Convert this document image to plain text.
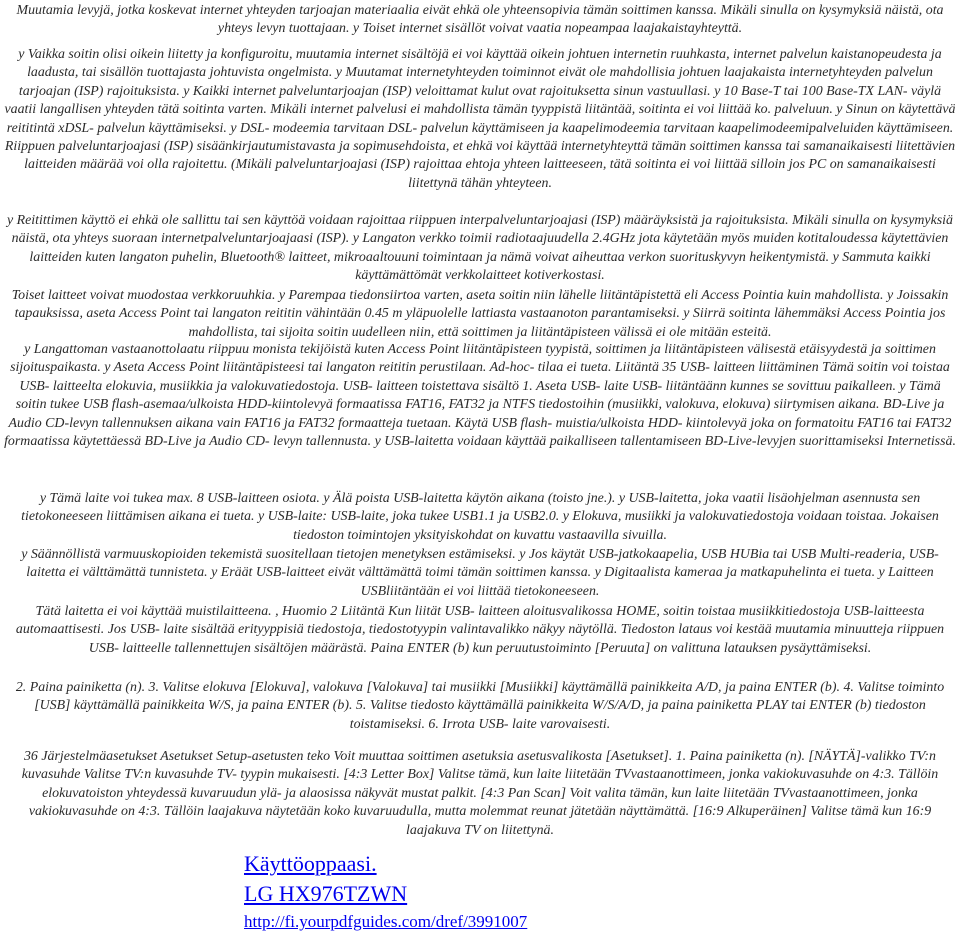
Muutamia levyjä, jotka koskevat internet yhteyden tarjoajan materiaalia eivät ehkä ole yhteensopivia tämän soittimen kanssa. Mikäli sinulla on kysymyksiä näistä, ota yhteys levyn tuottajaan. y Toiset internet sisällöt voivat vaatia nopeampaa laajakaistayhteyttä.

y Vaikka soitin olisi oikein liitetty ja konfiguroitu, muutamia internet sisältöjä ei voi käyttää oikein johtuen internetin ruuhkasta, internet palvelun kaistanopeudesta ja laadusta, tai sisällön tuottajasta johtuvista ongelmista. y Muutamat internetyhteyden toiminnot eivät ole mahdollisia johtuen laajakaista internetyhteyden palvelun tarjoajan (ISP) rajoituksista. y Kaikki internet palveluntarjoajan (ISP) veloittamat kulut ovat rajoituksetta sinun vastuullasi. y 10 Base-T tai 100 Base-TX LAN- väylä vaatii langallisen yhteyden tätä soitinta varten. Mikäli internet palvelusi ei mahdollista tämän tyyppistä liitäntää, soitinta ei voi liittää ko. palveluun. y Sinun on käytettävä reititintä xDSL- palvelun käyttämiseksi. y DSL- modeemia tarvitaan DSL- palvelun käyttämiseen ja kaapelimodeemia tarvitaan kaapelimodeemipalveluiden käyttämiseen. Riippuen palveluntarjoajasi (ISP) sisäänkirjautumistavasta ja sopimusehdoista, et ehkä voi käyttää internetyhteyttä tämän soittimen kanssa tai samanaikaisesti liitettävien laitteiden määrää voi olla rajoitettu. (Mikäli palveluntarjoajasi (ISP) rajoittaa ehtoja yhteen laitteeseen, tätä soitinta ei voi liittää silloin jos PC on samanaikaisesti liitettynä tähän yhteyteen.

y Reitittimen käyttö ei ehkä ole sallittu tai sen käyttöä voidaan rajoittaa riippuen interpalveluntarjoajasi (ISP) määräyksistä ja rajoituksista. Mikäli sinulla on kysymyksiä näistä, ota yhteys suoraan internetpalveluntarjoajaasi (ISP). y Langaton verkko toimii radiotaajuudella 2.4GHz jota käytetään myös muiden kotitaloudessa käytettävien laitteiden kuten langaton puhelin, Bluetooth® laitteet, mikroaaltouuni toimintaan ja nämä voivat aiheuttaa verkon suorituskyvyn heikentymistä. y Sammuta kaikki käyttämättömät verkkolaitteet kotiverkostasi.

Toiset laitteet voivat muodostaa verkkoruuhkia. y Parempaa tiedonsiirtoa varten, aseta soitin niin lähelle liitäntäpistettä eli Access Pointia kuin mahdollista. y Joissakin tapauksissa, aseta Access Point tai langaton reititin vähintään 0.45 m yläpuolelle lattiasta vastaanoton parantamiseksi. y Siirrä soitinta lähemmäksi Access Pointia jos mahdollista, tai sijoita soitin uudelleen niin, että soittimen ja liitäntäpisteen välissä ei ole mitään esteitä.

y Langattoman vastaanottolaatu riippuu monista tekijöistä kuten Access Point liitäntäpisteen tyypistä, soittimen ja liitäntäpisteen välisestä etäisyydestä ja soittimen sijoituspaikasta. y Aseta Access Point liitäntäpisteesi tai langaton reititin perustilaan. Ad-hoc- tilaa ei tueta. Liitäntä 35 USB- laitteen liittäminen Tämä soitin voi toistaa USB- laitteelta elokuvia, musiikkia ja valokuvatiedostoja. USB- laitteen toistettava sisältö 1. Aseta USB- laite USB- liitäntäänn kunnes se sovittuu paikalleen. y Tämä soitin tukee USB flash-asemaa/ulkoista HDD-kiintolevyä formaatissa FAT16, FAT32 ja NTFS tiedostoihin (musiikki, valokuva, elokuva) siirtymisen aikana. BD-Live ja Audio CD-levyn tallennuksen aikana vain FAT16 ja FAT32 formaatteja tuetaan. Käytä USB flash- muistia/ulkoista HDD- kiintolevyä joka on formatoitu FAT16 tai FAT32 formaatissa käytettäessä BD-Live ja Audio CD- levyn tallennusta. y USB-laitetta voidaan käyttää paikalliseen tallentamiseen BD-Live-levyjen suorittamiseksi Internetissä.

y Tämä laite voi tukea max. 8 USB-laitteen osiota. y Älä poista USB-laitetta käytön aikana (toisto jne.). y USB-laitetta, joka vaatii lisäohjelman asennusta sen tietokoneeseen liittämisen aikana ei tueta. y USB-laite: USB-laite, joka tukee USB1.1 ja USB2.0. y Elokuva, musiikki ja valokuvatiedostoja voidaan toistaa. Jokaisen tiedoston toimintojen yksityiskohdat on kuvattu vastaavilla sivuilla.

y Säännöllistä varmuuskopioiden tekemistä suositellaan tietojen menetyksen estämiseksi. y Jos käytät USB-jatkokaapelia, USB HUBia tai USB Multi-readeria, USB-laitetta ei välttämättä tunnisteta. y Eräät USB-laitteet eivät välttämättä toimi tämän soittimen kanssa. y Digitaalista kameraa ja matkapuhelinta ei tueta. y Laitteen USBliitäntään ei voi liittää tietokoneeseen.

Tätä laitetta ei voi käyttää muistilaitteena. , Huomio 2 Liitäntä Kun liität USB- laitteen aloitusvalikossa HOME, soitin toistaa musiikkitiedostoja USB-laitteesta automaattisesti. Jos USB- laite sisältää erityyppisiä tiedostoja, tiedostotyypin valintavalikko näkyy näytöllä. Tiedoston lataus voi kestää muutamia minuutteja riippuen USB- laitteelle tallennettujen sisältöjen määrästä. Paina ENTER (b) kun peruutustoiminto [Peruuta] on valittuna latauksen pysäyttämiseksi.

2. Paina painiketta (n). 3. Valitse elokuva [Elokuva], valokuva [Valokuva] tai musiikki [Musiikki] käyttämällä painikkeita A/D, ja paina ENTER (b). 4. Valitse toiminto [USB] käyttämällä painikkeita W/S, ja paina ENTER (b). 5. Valitse tiedosto käyttämällä painikkeita W/S/A/D, ja paina painiketta PLAY tai ENTER (b) tiedoston toistamiseksi. 6. Irrota USB- laite varovaisesti.

36 Järjestelmäasetukset Asetukset Setup-asetusten teko Voit muuttaa soittimen asetuksia asetusvalikosta [Asetukset]. 1. Paina painiketta (n). [NÄYTÄ]-valikko TV:n kuvasuhde Valitse TV:n kuvasuhde TV- tyypin mukaisesti. [4:3 Letter Box] Valitse tämä, kun laite liitetään TVvastaanottimeen, jonka vakiokuvasuhde on 4:3. Tällöin elokuvatoiston yhteydessä kuvaruudun ylä- ja alaosissa näkyvät mustat palkit. [4:3 Pan Scan] Voit valita tämän, kun laite liitetään TVvastaanottimeen, jonka vakiokuvasuhde on 4:3. Tällöin laajakuva näytetään koko kuvaruudulla, mutta molemmat reunat jätetään näyttämättä. [16:9 Alkuperäinen] Valitse tämä kun 16:9 laajakuva TV on liitettynä.

Käyttöoppaasi.
LG HX976TZWN
http://fi.yourpdfguides.com/dref/3991007
